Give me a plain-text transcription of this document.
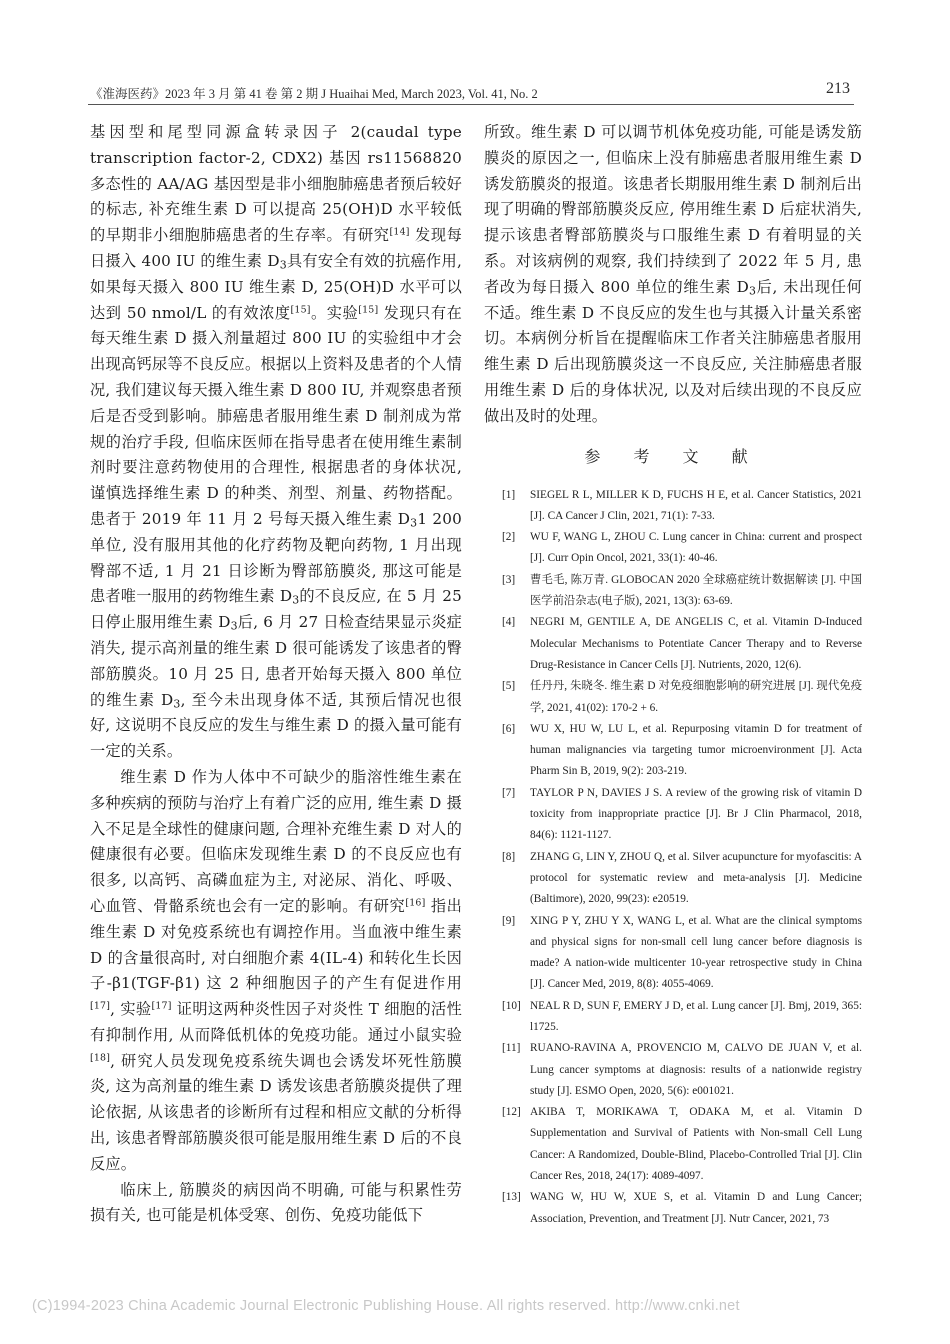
《淮海医药》2023 年 3 月 第 41 卷 第 2 期 J Huaihai Med, March 2023, Vol. 41, No. 2	213

基因型和尾型同源盒转录因子 2(caudal type transcription factor-2, CDX2) 基因 rs11568820 多态性的 AA/AG 基因型是非小细胞肺癌患者预后较好的标志, 补充维生素 D 可以提高 25(OH)D 水平较低的早期非小细胞肺癌患者的生存率。有研究[14] 发现每日摄入 400 IU 的维生素 $D_3$具有安全有效的抗癌作用, 如果每天摄入 800 IU 维生素 D, 25(OH)D 水平可以达到 50 nmol/L 的有效浓度[15]。实验[15] 发现只有在每天维生素 D 摄入剂量超过 800 IU 的实验组中才会出现高钙尿等不良反应。根据以上资料及患者的个人情况, 我们建议每天摄入维生素 D 800 IU, 并观察患者预后是否受到影响。肺癌患者服用维生素 D 制剂成为常规的治疗手段, 但临床医师在指导患者在使用维生素制剂时要注意药物使用的合理性, 根据患者的身体状况, 谨慎选择维生素 D 的种类、剂型、剂量、药物搭配。患者于 2019 年 11 月 2 号每天摄入维生素 $D_31$ 200单位, 没有服用其他的化疗药物及靶向药物, 1 月出现臀部不适, 1 月 21 日诊断为臀部筋膜炎, 那这可能是患者唯一服用的药物维生素 $D_3$的不良反应, 在 5 月 25 日停止服用维生素 $D_3$后, 6 月 27 日检查结果显示炎症消失, 提示高剂量的维生素 D 很可能诱发了该患者的臀部筋膜炎。10 月 25 日, 患者开始每天摄入 800 单位的维生素 $D_3$, 至今未出现身体不适, 其预后情况也很好, 这说明不良反应的发生与维生素 D 的摄入量可能有一定的关系。

维生素 D 作为人体中不可缺少的脂溶性维生素在多种疾病的预防与治疗上有着广泛的应用, 维生素 D 摄入不足是全球性的健康问题, 合理补充维生素 D 对人的健康很有必要。但临床发现维生素 D 的不良反应也有很多, 以高钙、高磷血症为主, 对泌尿、消化、呼吸、心血管、骨骼系统也会有一定的影响。有研究[16] 指出维生素 D 对免疫系统也有调控作用。当血液中维生素 D 的含量很高时, 对白细胞介素 4(IL-4) 和转化生长因子-β1(TGF-β1) 这 2 种细胞因子的产生有促进作用[17], 实验[17] 证明这两种炎性因子对炎性 T 细胞的活性有抑制作用, 从而降低机体的免疫功能。通过小鼠实验[18], 研究人员发现免疫系统失调也会诱发坏死性筋膜炎, 这为高剂量的维生素 D 诱发该患者筋膜炎提供了理论依据, 从该患者的诊断所有过程和相应文献的分析得出, 该患者臀部筋膜炎很可能是服用维生素 D 后的不良反应。

临床上, 筋膜炎的病因尚不明确, 可能与积累性劳损有关, 也可能是机体受寒、创伤、免疫功能低下

所致。维生素 D 可以调节机体免疫功能, 可能是诱发筋膜炎的原因之一, 但临床上没有肺癌患者服用维生素 D 诱发筋膜炎的报道。该患者长期服用维生素 D 制剂后出现了明确的臀部筋膜炎反应, 停用维生素 D 后症状消失, 提示该患者臀部筋膜炎与口服维生素 D 有着明显的关系。对该病例的观察, 我们持续到了 2022 年 5 月, 患者改为每日摄入 800 单位的维生素 $D_3$后, 未出现任何不适。维生素 D 不良反应的发生也与其摄入计量关系密切。本病例分析旨在提醒临床工作者关注肺癌患者服用维生素 D 后出现筋膜炎这一不良反应, 关注肺癌患者服用维生素 D 后的身体状况, 以及对后续出现的不良反应做出及时的处理。

参 考 文 献
[1] SIEGEL R L, MILLER K D, FUCHS H E, et al. Cancer Statistics, 2021 [J]. CA Cancer J Clin, 2021, 71(1): 7-33.
[2] WU F, WANG L, ZHOU C. Lung cancer in China: current and prospect [J]. Curr Opin Oncol, 2021, 33(1): 40-46.
[3] 曹毛毛, 陈万青. GLOBOCAN 2020 全球癌症统计数据解读 [J]. 中国医学前沿杂志(电子版), 2021, 13(3): 63-69.
[4] NEGRI M, GENTILE A, DE ANGELIS C, et al. Vitamin D-Induced Molecular Mechanisms to Potentiate Cancer Therapy and to Reverse Drug-Resistance in Cancer Cells [J]. Nutrients, 2020, 12(6).
[5] 任丹丹, 朱晓冬. 维生素 D 对免疫细胞影响的研究进展 [J]. 现代免疫学, 2021, 41(02): 170-2 + 6.
[6] WU X, HU W, LU L, et al. Repurposing vitamin D for treatment of human malignancies via targeting tumor microenvironment [J]. Acta Pharm Sin B, 2019, 9(2): 203-219.
[7] TAYLOR P N, DAVIES J S. A review of the growing risk of vitamin D toxicity from inappropriate practice [J]. Br J Clin Pharmacol, 2018, 84(6): 1121-1127.
[8] ZHANG G, LIN Y, ZHOU Q, et al. Silver acupuncture for myofascitis: A protocol for systematic review and meta-analysis [J]. Medicine (Baltimore), 2020, 99(23): e20519.
[9] XING P Y, ZHU Y X, WANG L, et al. What are the clinical symptoms and physical signs for non-small cell lung cancer before diagnosis is made? A nation-wide multicenter 10-year retrospective study in China [J]. Cancer Med, 2019, 8(8): 4055-4069.
[10] NEAL R D, SUN F, EMERY J D, et al. Lung cancer [J]. Bmj, 2019, 365: l1725.
[11] RUANO-RAVINA A, PROVENCIO M, CALVO DE JUAN V, et al. Lung cancer symptoms at diagnosis: results of a nationwide registry study [J]. ESMO Open, 2020, 5(6): e001021.
[12] AKIBA T, MORIKAWA T, ODAKA M, et al. Vitamin D Supplementation and Survival of Patients with Non-small Cell Lung Cancer: A Randomized, Double-Blind, Placebo-Controlled Trial [J]. Clin Cancer Res, 2018, 24(17): 4089-4097.
[13] WANG W, HU W, XUE S, et al. Vitamin D and Lung Cancer; Association, Prevention, and Treatment [J]. Nutr Cancer, 2021, 73
(C)1994-2023 China Academic Journal Electronic Publishing House. All rights reserved. http://www.cnki.net
